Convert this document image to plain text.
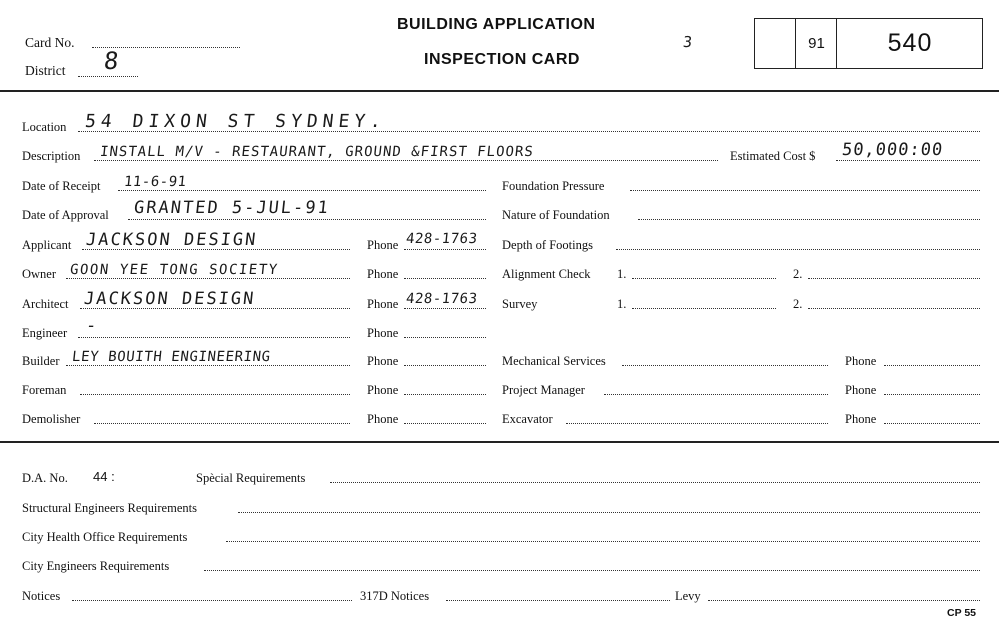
Card No.
District 8
BUILDING APPLICATION
INSPECTION CARD
3	91	540
Location 54 DIXON ST SYDNEY.
Description INSTALL M/V - RESTAURANT, GROUND &FIRST FLOORS	Estimated Cost $ 50,000:00
Date of Receipt 11-6-91
Date of Approval GRANTED 5-JUL-91
Applicant JACKSON DESIGN	Phone 428-1763
Owner GOON YEE TONG SOCIETY	Phone
Architect JACKSON DESIGN	Phone 428-1763
Engineer -	Phone
Builder LEY BOUITH ENGINEERING	Phone
Foreman	Phone
Demolisher	Phone
Foundation Pressure
Nature of Foundation
Depth of Footings
Alignment Check 1.	2.
Survey	1.	2.
Mechanical Services	Phone
Project Manager	Phone
Excavator	Phone
D.A. No. 44 :	Spècial Requirements
Structural Engineers Requirements
City Health Office Requirements
City Engineers Requirements
Notices	317D Notices	Levy
CP 55
